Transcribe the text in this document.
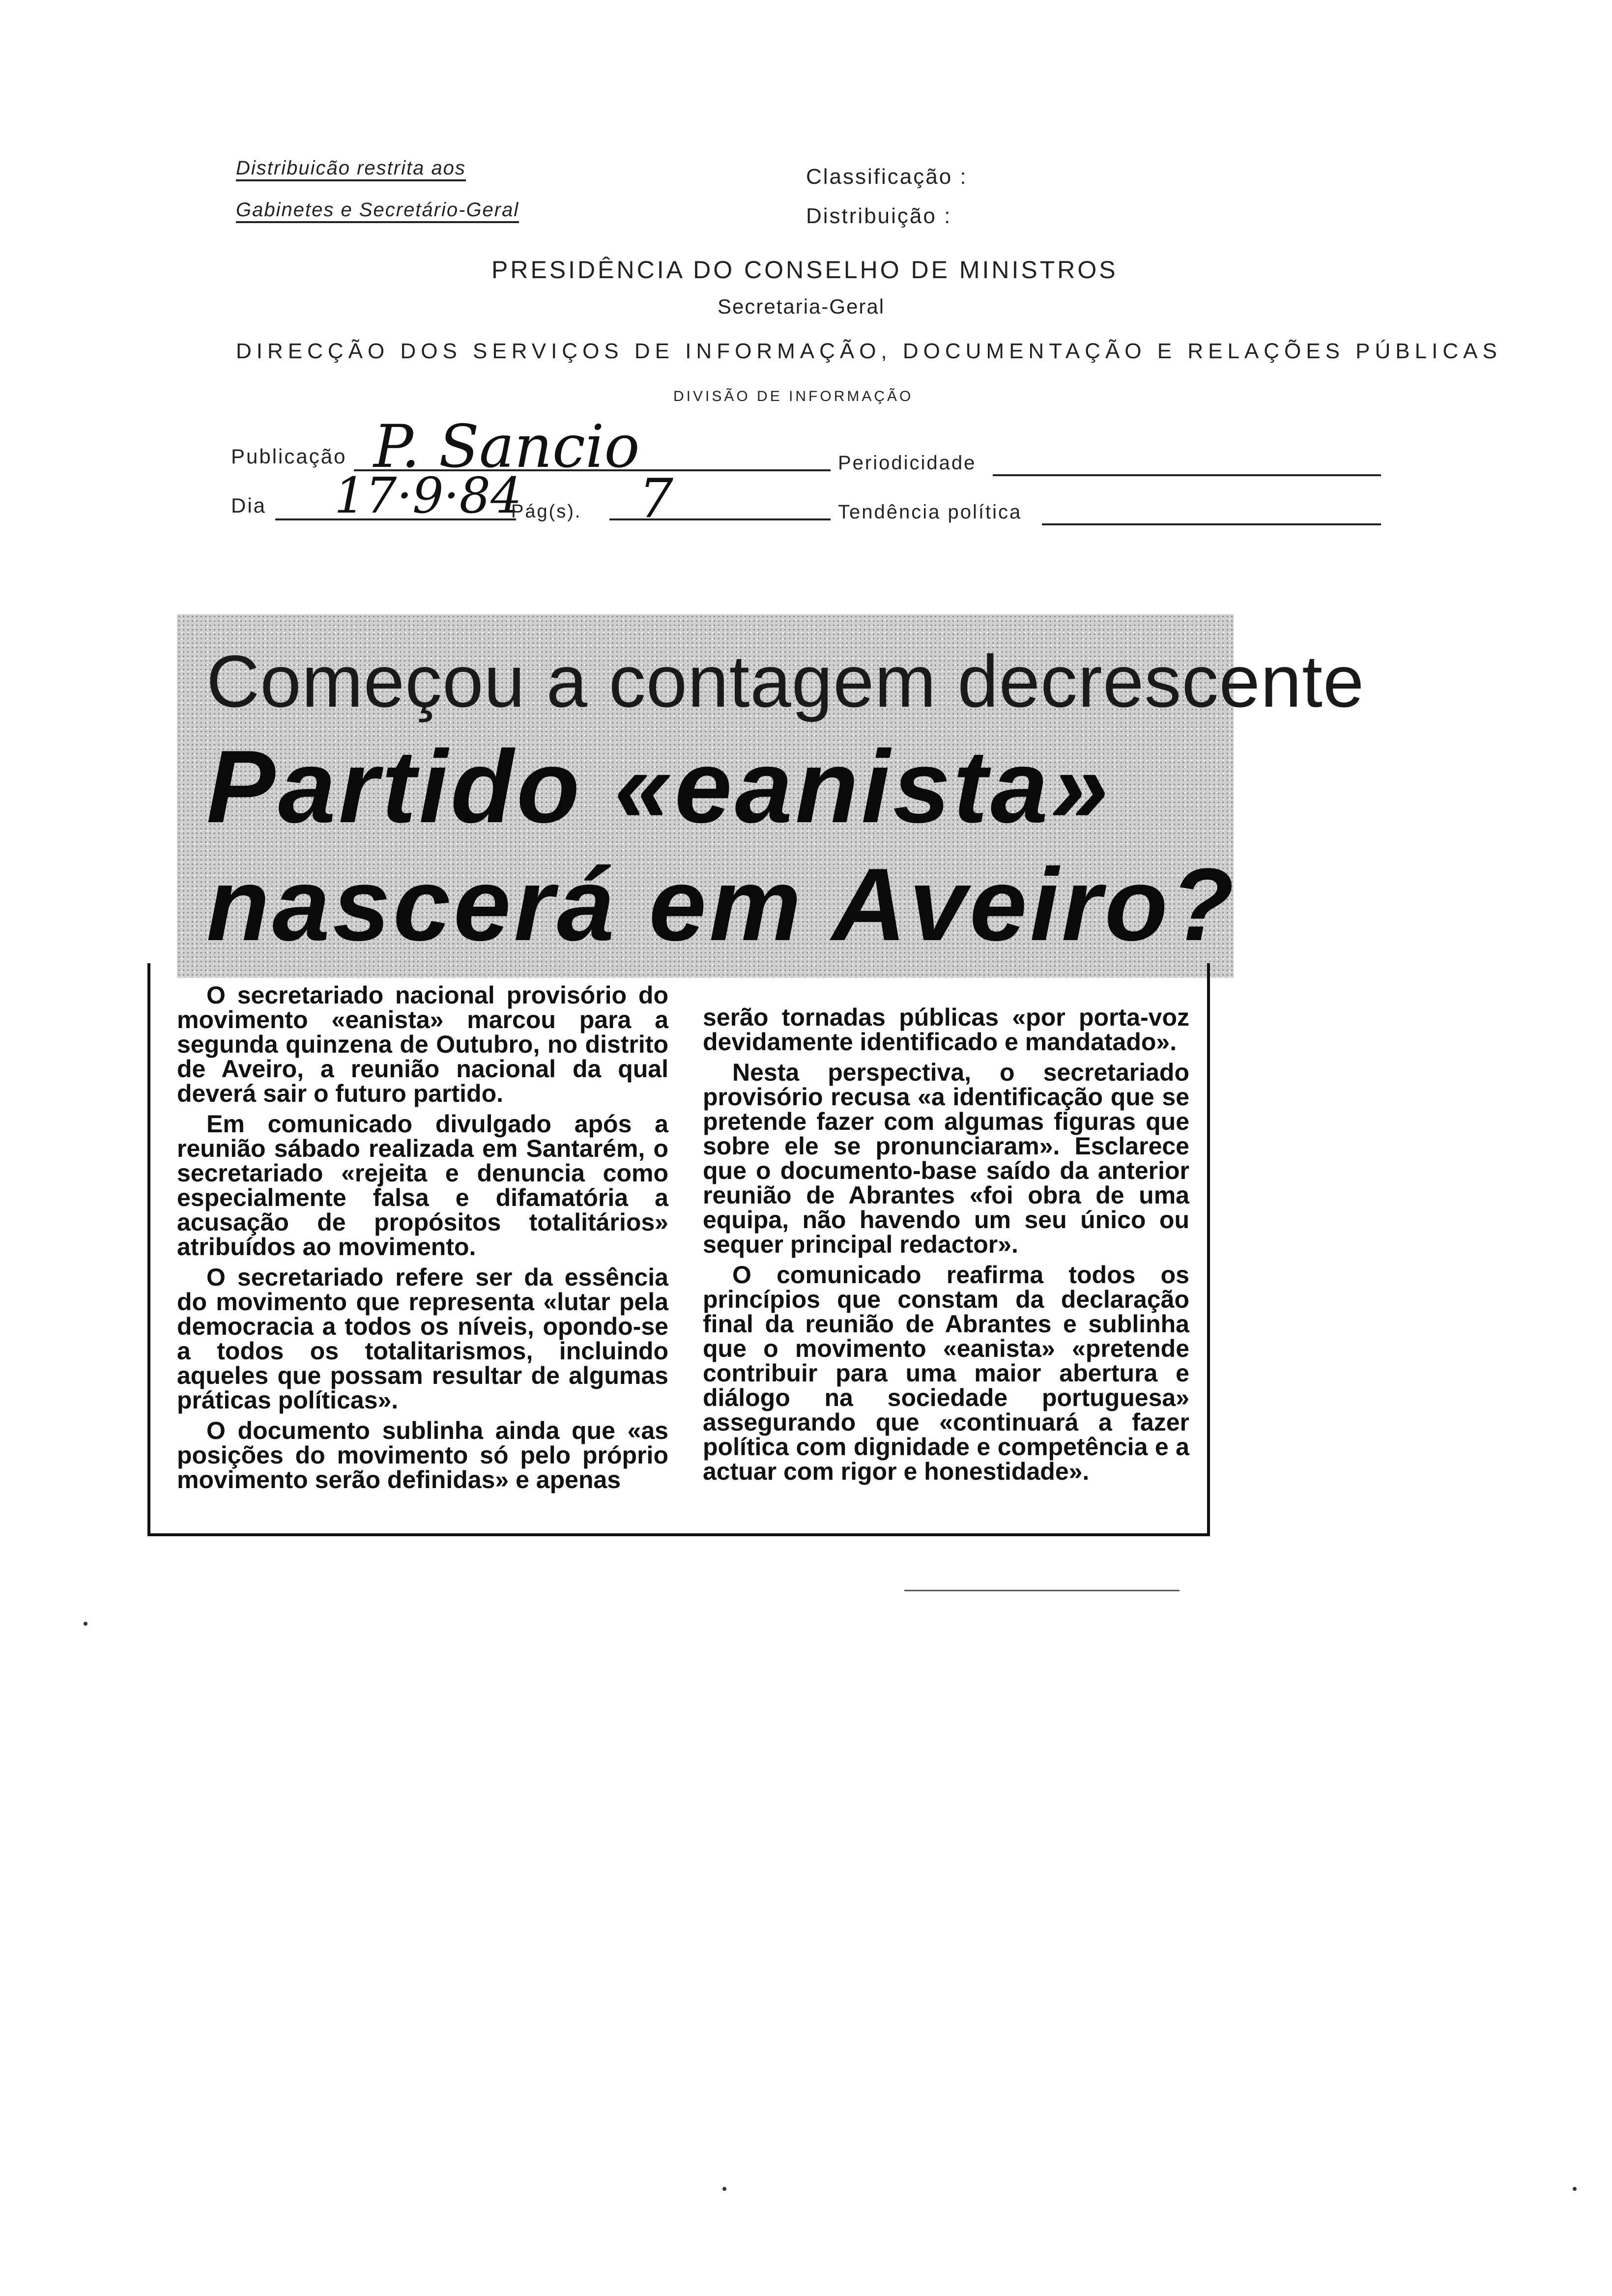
Distribuicão restrita aos
Gabinetes e Secretário-Geral
Classificação :
Distribuição :
PRESIDÊNCIA DO CONSELHO DE MINISTROS
Secretaria-Geral
DIRECÇÃO DOS SERVIÇOS DE INFORMAÇÃO, DOCUMENTAÇÃO E RELAÇÕES PÚBLICAS
DIVISÃO DE INFORMAÇÃO
Publicação P. Sancio	Periodicidade
Dia 17·9·84
Pág(s). 7	Tendência política
Começou a contagem decrescente
Partido «eanista»
nascerá em Aveiro?

O secretariado nacional provisório do movimento «eanista» marcou para a segunda quinzena de Outubro, no distrito de Aveiro, a reunião nacional da qual deverá sair o futuro partido.

Em comunicado divulgado após a reunião sábado realizada em Santarém, o secretariado «rejeita e denuncia como especialmente falsa e difamatória a acusação de propósitos totalitários» atribuídos ao movimento.

O secretariado refere ser da essência do movimento que representa «lutar pela democracia a todos os níveis, opondo-se a todos os totalitarismos, incluindo aqueles que possam resultar de algumas práticas políticas».

O documento sublinha ainda que «as posições do movimento só pelo próprio movimento serão definidas» e apenas

serão tornadas públicas «por porta-voz devidamente identificado e mandatado».

Nesta perspectiva, o secretariado provisório recusa «a identificação que se pretende fazer com algumas figuras que sobre ele se pronunciaram». Esclarece que o documento-base saído da anterior reunião de Abrantes «foi obra de uma equipa, não havendo um seu único ou sequer principal redactor».

O comunicado reafirma todos os princípios que constam da declaração final da reunião de Abrantes e sublinha que o movimento «eanista» «pretende contribuir para uma maior abertura e diálogo na sociedade portuguesa» assegurando que «continuará a fazer política com dignidade e competência e a actuar com rigor e honestidade».
